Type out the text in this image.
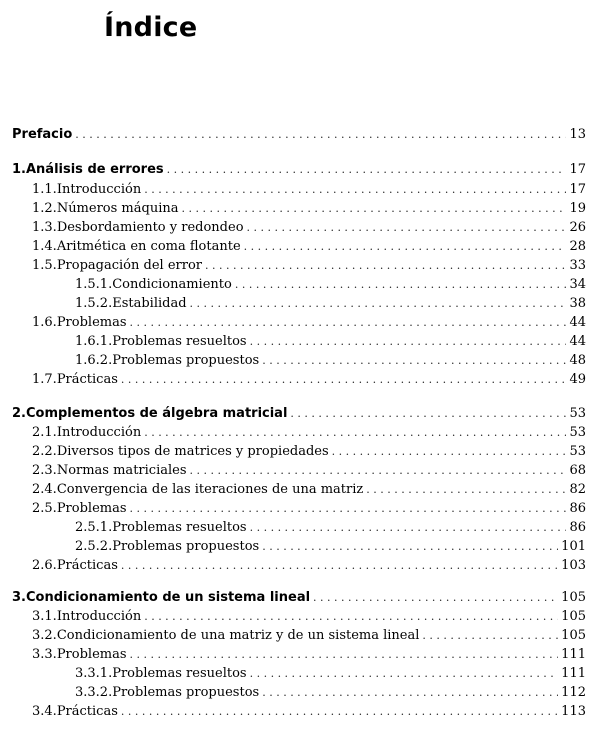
Índice
Prefacio . . .	13
1. Análisis de errores . . .	17
1.1. Introducción . . .	17
1.2. Números máquina . . .	19
1.3. Desbordamiento y redondeo . . .	26
1.4. Aritmética en coma flotante . . .	28
1.5. Propagación del error . . .	33
1.5.1. Condicionamiento . . .	34
1.5.2. Estabilidad . . .	38
1.6. Problemas . . .	44
1.6.1. Problemas resueltos . . .	44
1.6.2. Problemas propuestos . . .	48
1.7. Prácticas . . .	49
2. Complementos de álgebra matricial . . .	53
2.1. Introducción . . .	53
2.2. Diversos tipos de matrices y propiedades . . .	53
2.3. Normas matriciales . . .	68
2.4. Convergencia de las iteraciones de una matriz . . .	82
2.5. Problemas . . .	86
2.5.1. Problemas resueltos . . .	86
2.5.2. Problemas propuestos . . .	101
2.6. Prácticas . . .	103
3. Condicionamiento de un sistema lineal . . .	105
3.1. Introducción . . .	105
3.2. Condicionamiento de una matriz y de un sistema lineal . . .	105
3.3. Problemas . . .	111
3.3.1. Problemas resueltos . . .	111
3.3.2. Problemas propuestos . . .	112
3.4. Prácticas . . .	113
